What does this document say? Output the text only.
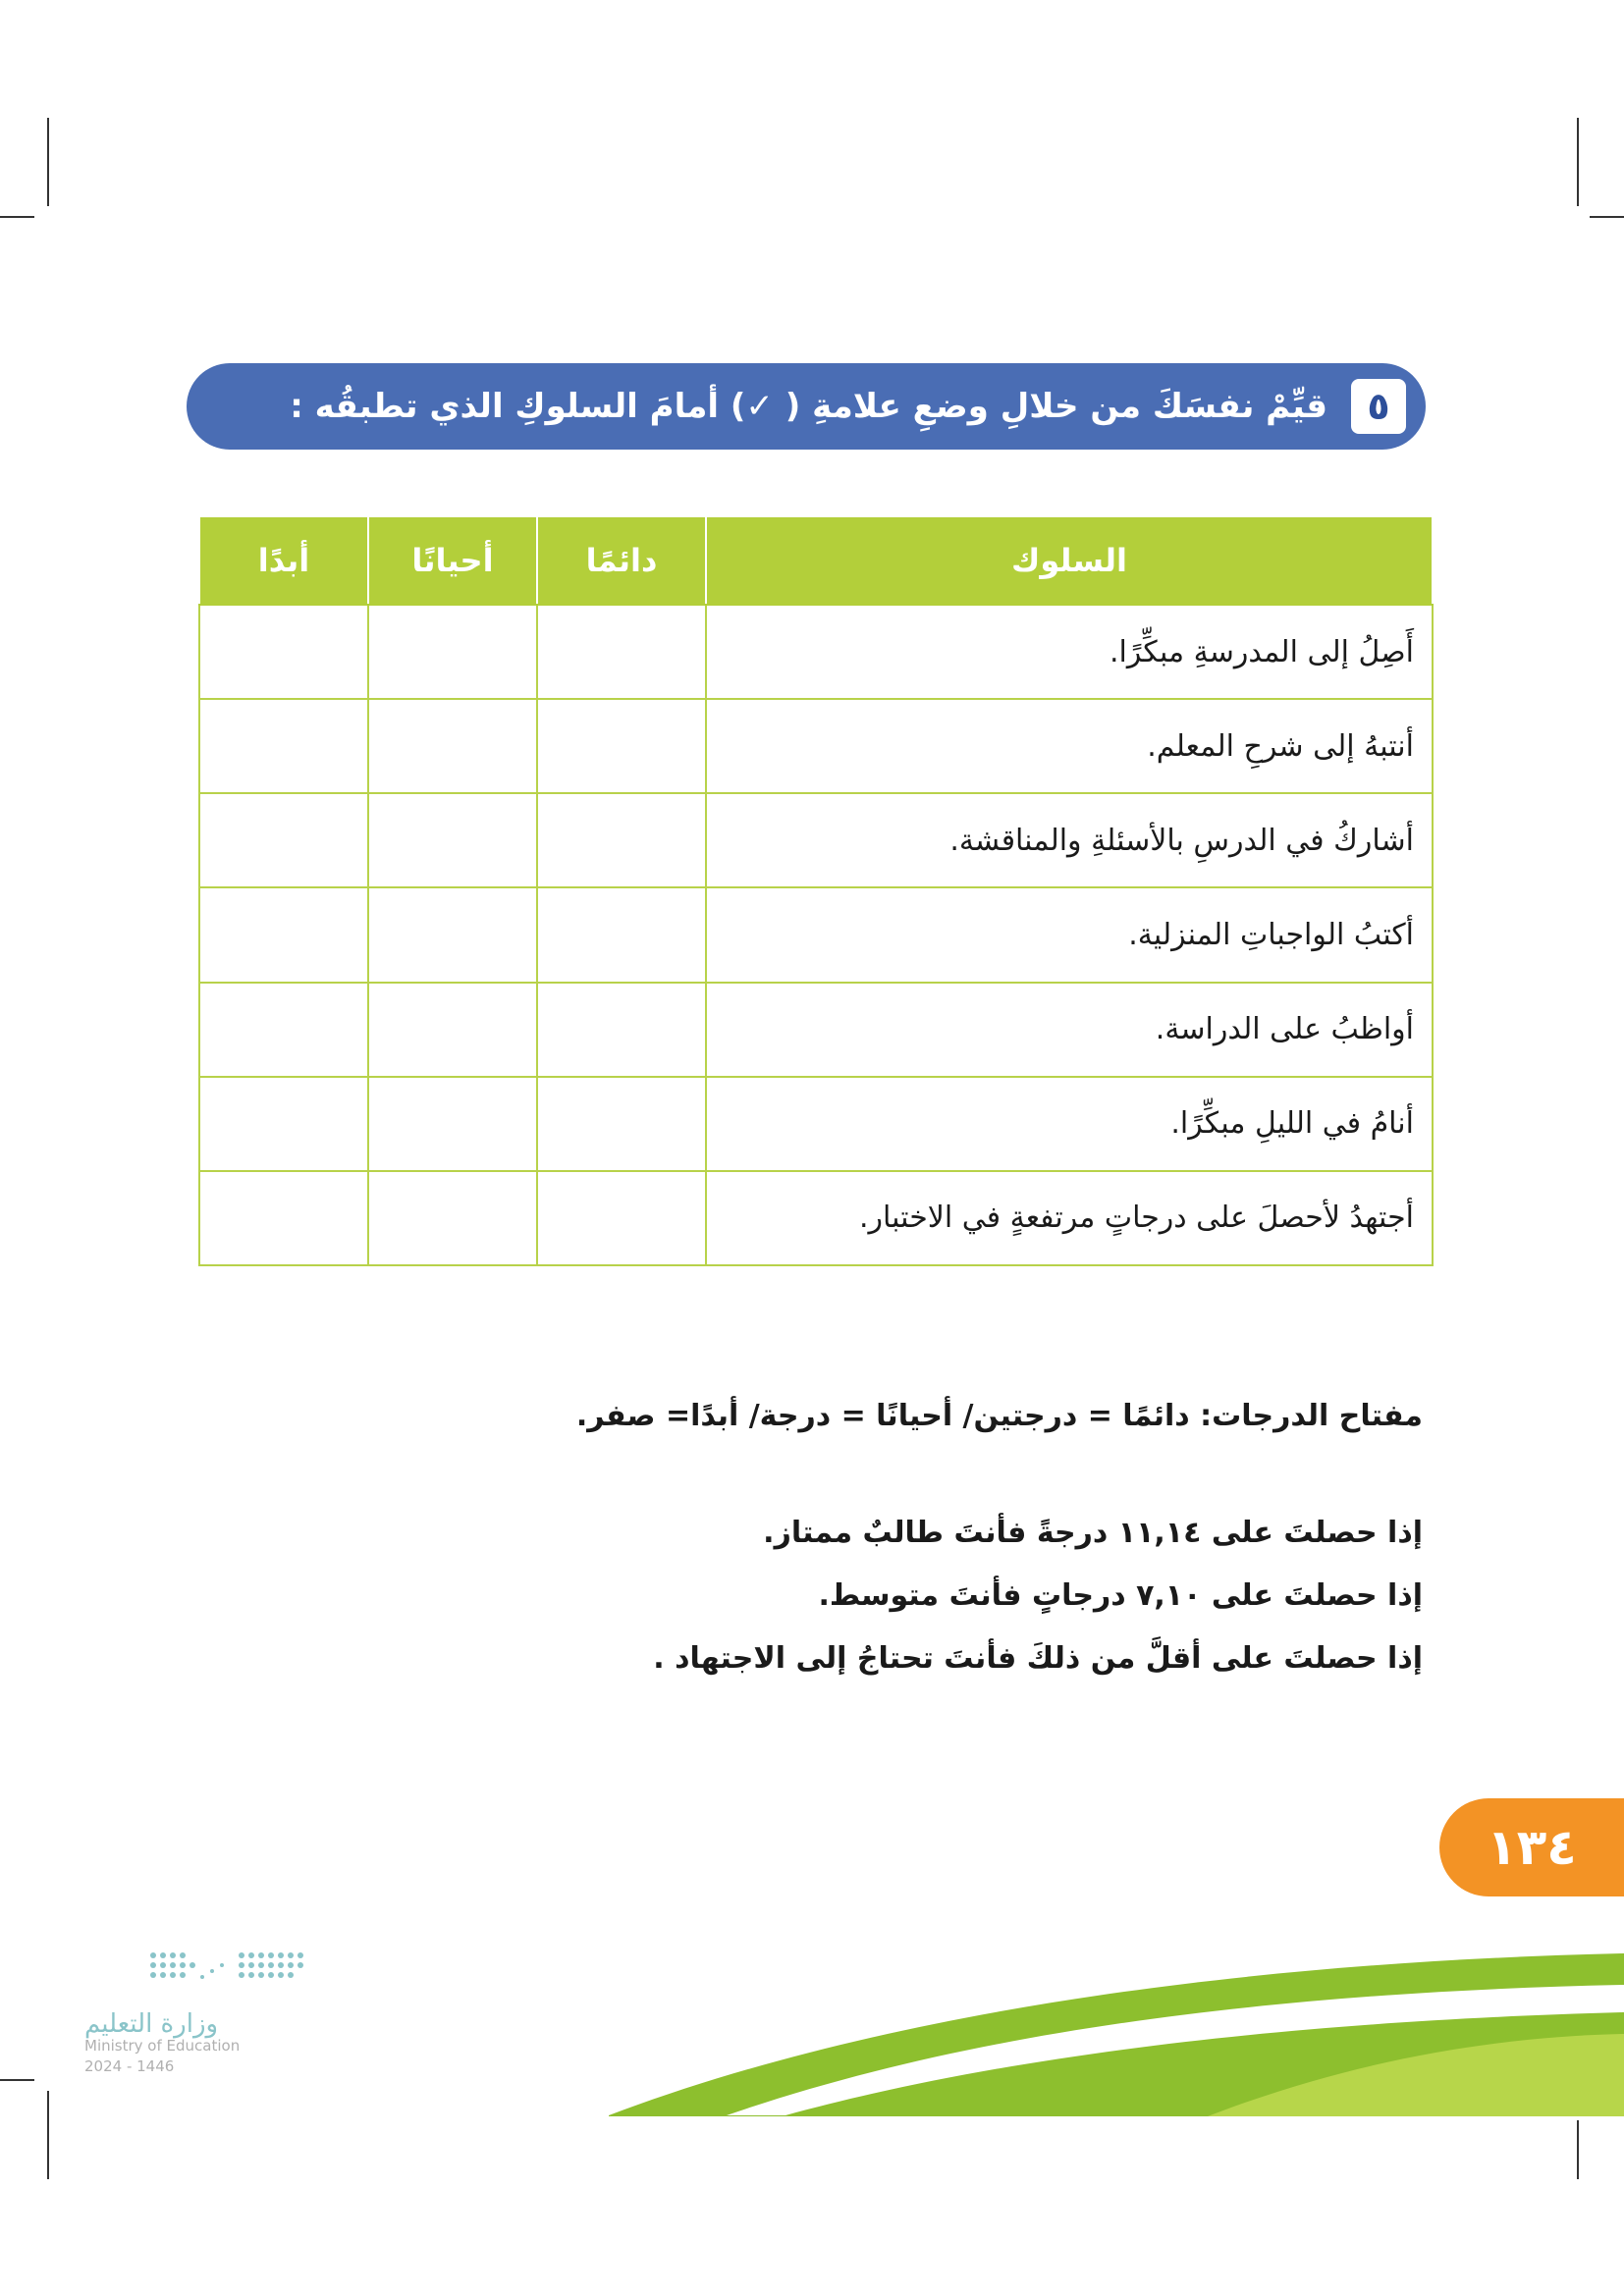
٥
قيِّمْ نفسَكَ من خلالِ وضعِ علامةِ ( ✓) أمامَ السلوكِ الذي تطبقُه :
السلوك	دائمًا	أحيانًا	أبدًا
أَصِلُ إلى المدرسةِ مبكِّرًا.			
أنتبهُ إلى شرحِ المعلم.			
أشاركُ في الدرسِ بالأسئلةِ والمناقشة.			
أكتبُ الواجباتِ المنزلية.			
أواظبُ على الدراسة.			
أنامُ في الليلِ مبكِّرًا.			
أجتهدُ لأحصلَ على درجاتٍ مرتفعةٍ في الاختبار.			
مفتاح الدرجات: دائمًا = درجتين/ أحيانًا = درجة/ أبدًا= صفر.
إذا حصلتَ على ١١,١٤ درجةً فأنتَ طالبٌ ممتاز.
إذا حصلتَ على ٧,١٠ درجاتٍ فأنتَ متوسط.
إذا حصلتَ على أقلَّ من ذلكَ فأنتَ تحتاجُ إلى الاجتهاد .
١٣٤
وزارة التعليم
Ministry of Education
2024 - 1446
